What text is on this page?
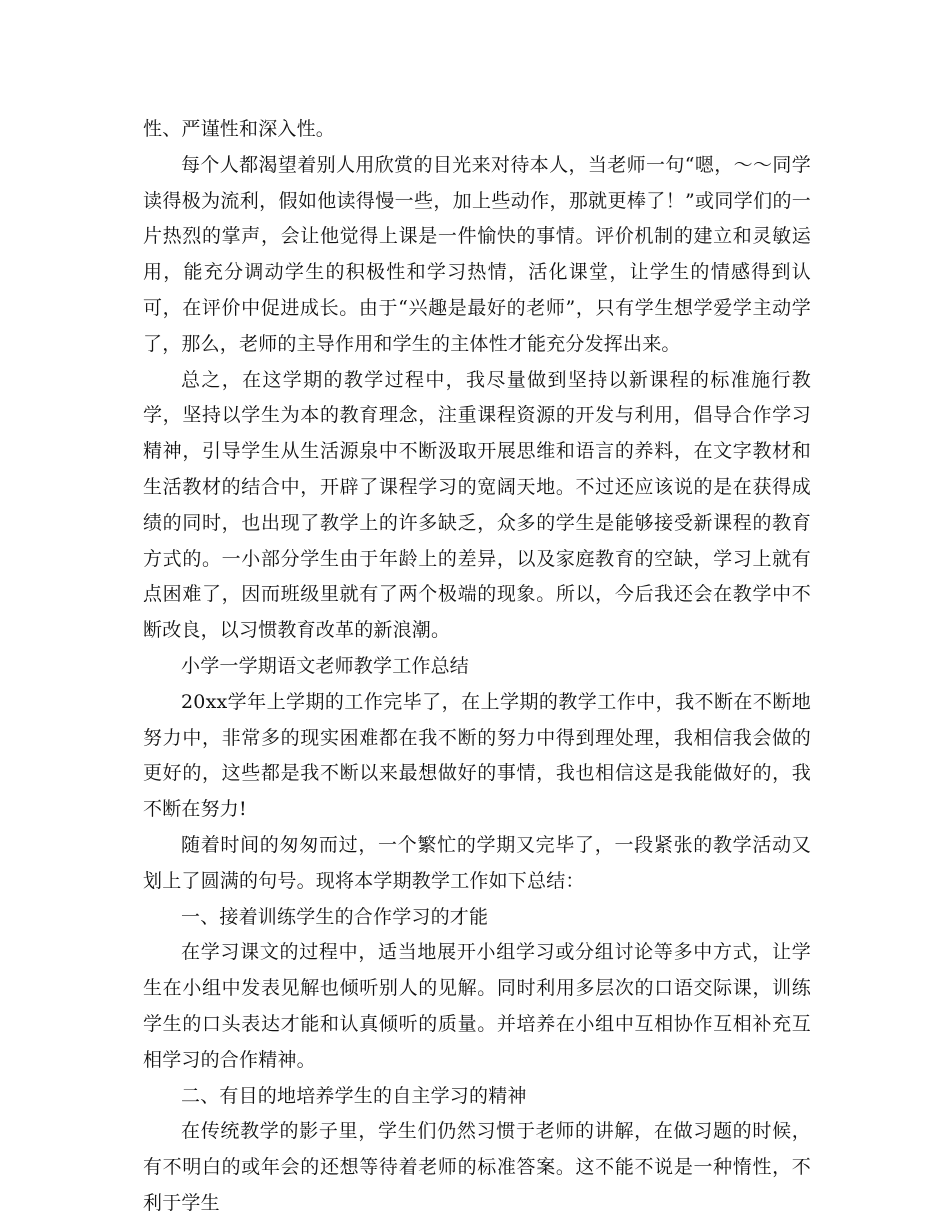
性、严谨性和深入性。

每个人都渴望着别人用欣赏的目光来对待本人，当老师一句“嗯，～～同学读得极为流利，假如他读得慢一些，加上些动作，那就更棒了！”或同学们的一片热烈的掌声，会让他觉得上课是一件愉快的事情。评价机制的建立和灵敏运用，能充分调动学生的积极性和学习热情，活化课堂，让学生的情感得到认可，在评价中促进成长。由于“兴趣是最好的老师”，只有学生想学爱学主动学了，那么，老师的主导作用和学生的主体性才能充分发挥出来。

总之，在这学期的教学过程中，我尽量做到坚持以新课程的标准施行教学，坚持以学生为本的教育理念，注重课程资源的开发与利用，倡导合作学习精神，引导学生从生活源泉中不断汲取开展思维和语言的养料，在文字教材和生活教材的结合中，开辟了课程学习的宽阔天地。不过还应该说的是在获得成绩的同时，也出现了教学上的许多缺乏，众多的学生是能够接受新课程的教育方式的。一小部分学生由于年龄上的差异，以及家庭教育的空缺，学习上就有点困难了，因而班级里就有了两个极端的现象。所以，今后我还会在教学中不断改良，以习惯教育改革的新浪潮。

小学一学期语文老师教学工作总结

20xx学年上学期的工作完毕了，在上学期的教学工作中，我不断在不断地努力中，非常多的现实困难都在我不断的努力中得到理处理，我相信我会做的更好的，这些都是我不断以来最想做好的事情，我也相信这是我能做好的，我不断在努力!

随着时间的匆匆而过，一个繁忙的学期又完毕了，一段紧张的教学活动又划上了圆满的句号。现将本学期教学工作如下总结：

一、接着训练学生的合作学习的才能

在学习课文的过程中，适当地展开小组学习或分组讨论等多中方式，让学生在小组中发表见解也倾听别人的见解。同时利用多层次的口语交际课，训练学生的口头表达才能和认真倾听的质量。并培养在小组中互相协作互相补充互相学习的合作精神。

二、有目的地培养学生的自主学习的精神

在传统教学的影子里，学生们仍然习惯于老师的讲解，在做习题的时候，有不明白的或年会的还想等待着老师的标准答案。这不能不说是一种惰性，不利于学生
